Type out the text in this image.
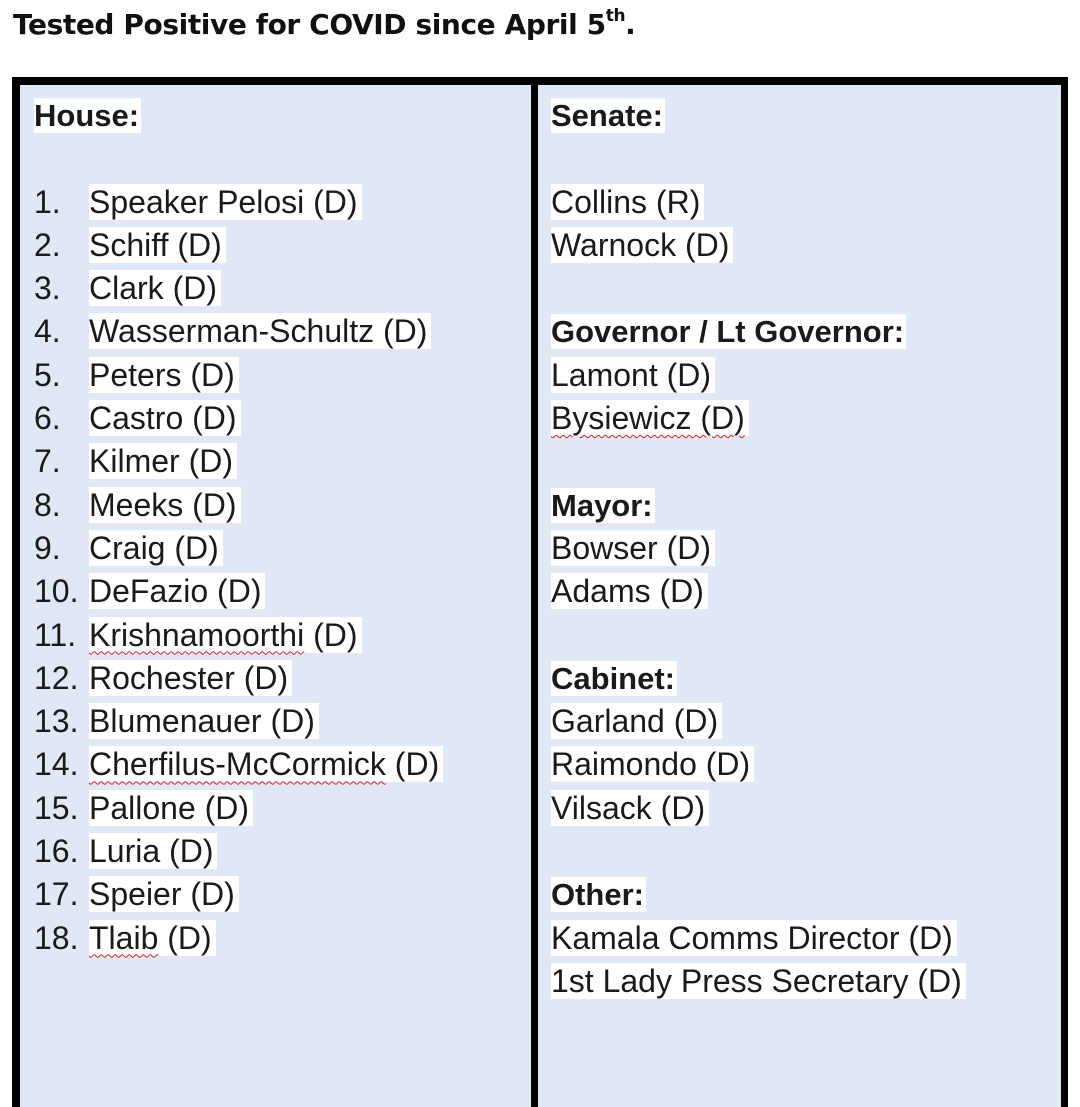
Tested Positive for COVID since April 5th.
House:
1. Speaker Pelosi (D)
2. Schiff (D)
3. Clark (D)
4. Wasserman-Schultz (D)
5. Peters (D)
6. Castro (D)
7. Kilmer (D)
8. Meeks (D)
9. Craig (D)
10. DeFazio (D)
11. Krishnamoorthi (D)
12. Rochester (D)
13. Blumenauer (D)
14. Cherfilus-McCormick (D)
15. Pallone (D)
16. Luria (D)
17. Speier (D)
18. Tlaib (D)
Senate:
Collins (R)
Warnock (D)
Governor / Lt Governor:
Lamont (D)
Bysiewicz (D)
Mayor:
Bowser (D)
Adams (D)
Cabinet:
Garland (D)
Raimondo (D)
Vilsack (D)
Other:
Kamala Comms Director (D)
1st Lady Press Secretary (D)
